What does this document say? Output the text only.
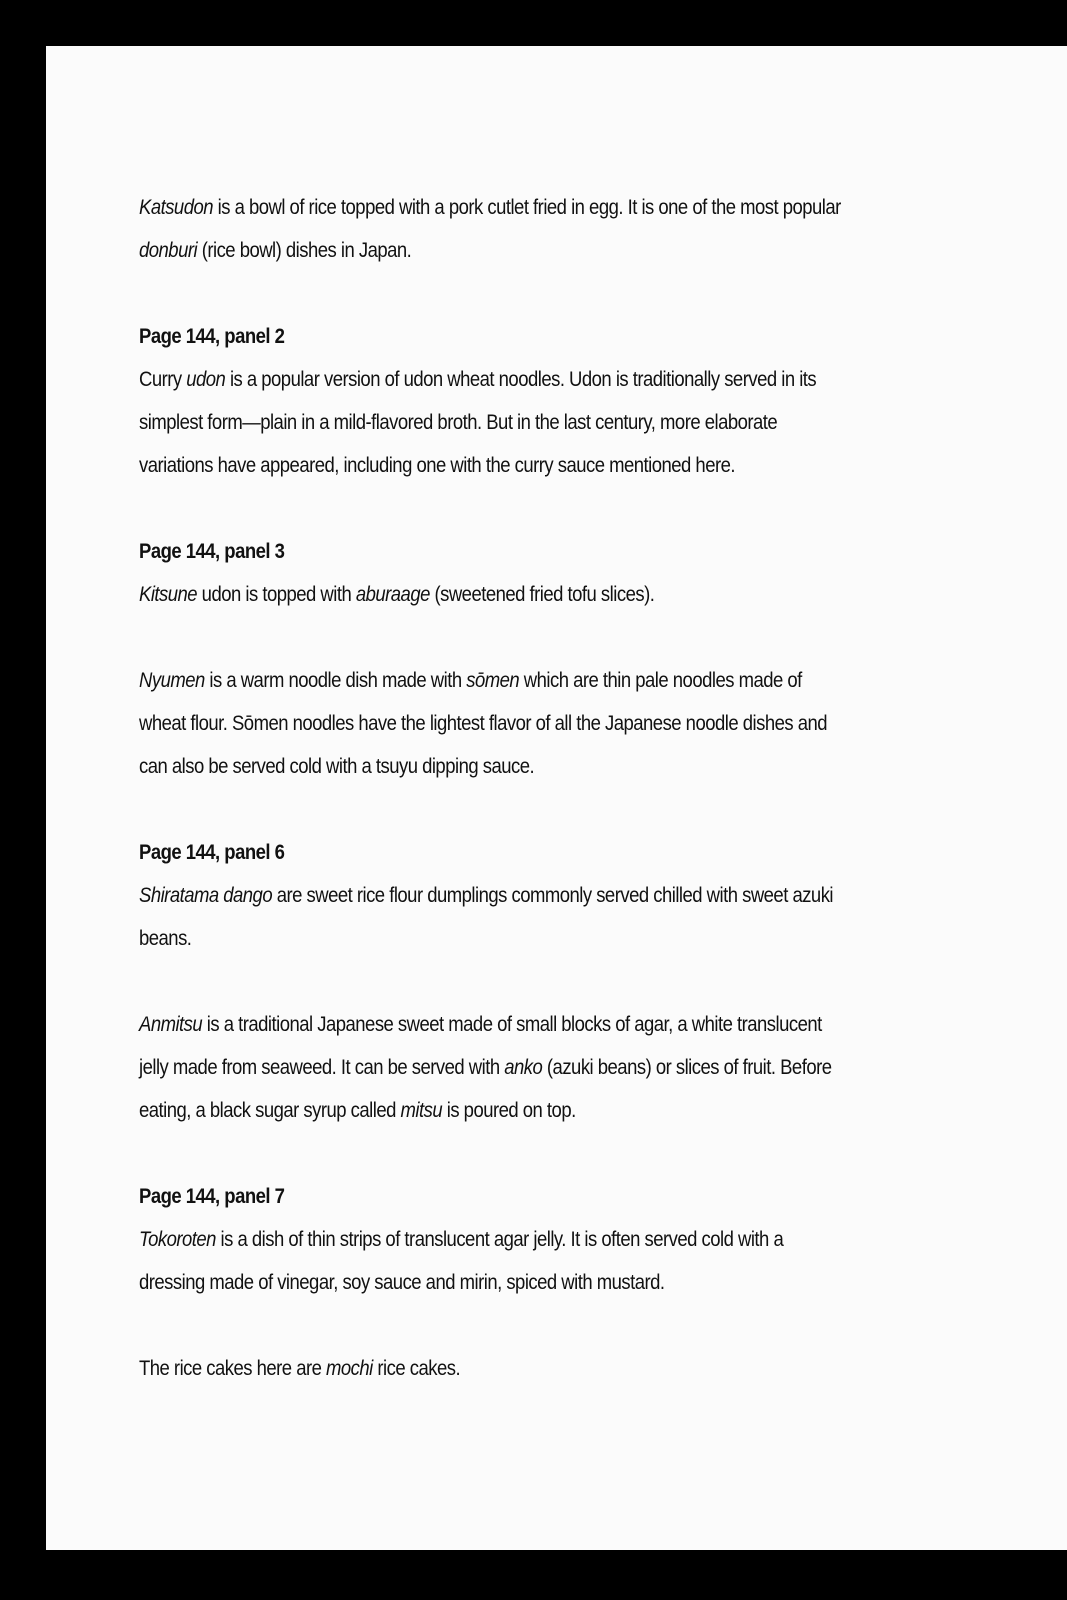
Katsudon is a bowl of rice topped with a pork cutlet fried in egg. It is one of the most popular donburi (rice bowl) dishes in Japan.

Page 144, panel 2

Curry udon is a popular version of udon wheat noodles. Udon is traditionally served in its simplest form—plain in a mild-flavored broth. But in the last century, more elaborate variations have appeared, including one with the curry sauce mentioned here.

Page 144, panel 3

Kitsune udon is topped with aburaage (sweetened fried tofu slices).

Nyumen is a warm noodle dish made with sōmen which are thin pale noodles made of wheat flour. Sōmen noodles have the lightest flavor of all the Japanese noodle dishes and can also be served cold with a tsuyu dipping sauce.

Page 144, panel 6

Shiratama dango are sweet rice flour dumplings commonly served chilled with sweet azuki beans.

Anmitsu is a traditional Japanese sweet made of small blocks of agar, a white translucent jelly made from seaweed. It can be served with anko (azuki beans) or slices of fruit. Before eating, a black sugar syrup called mitsu is poured on top.

Page 144, panel 7

Tokoroten is a dish of thin strips of translucent agar jelly. It is often served cold with a dressing made of vinegar, soy sauce and mirin, spiced with mustard.

The rice cakes here are mochi rice cakes.
